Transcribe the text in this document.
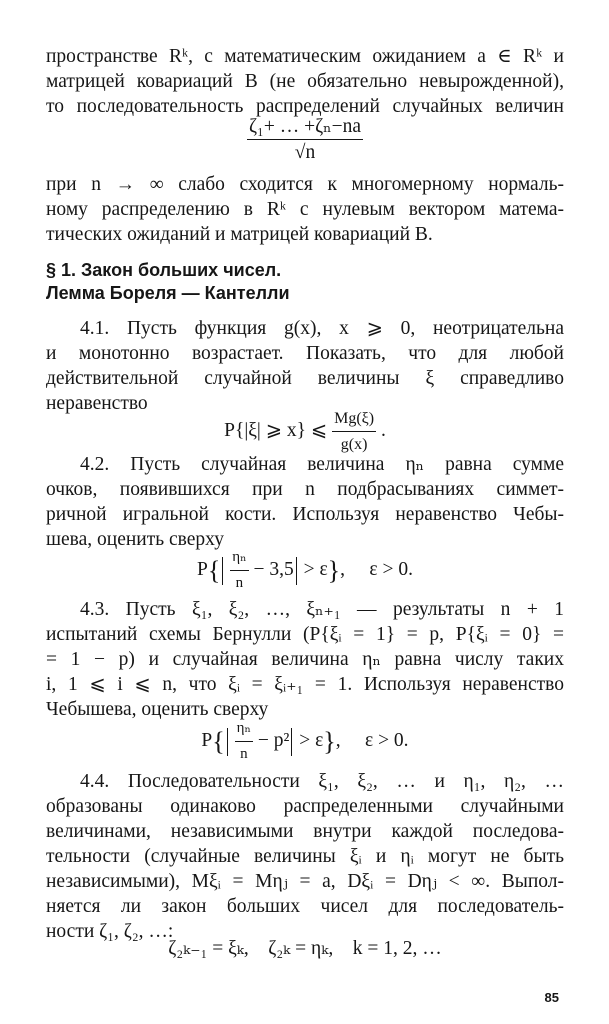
пространстве Rᵏ, с математическим ожиданием a ∈ Rᵏ и
матрицей ковариаций B (не обязательно невырожденной),
то последовательность распределений случайных величин
$\frac{\text{ζ₁+ … +ζₙ−na}}{√n}$
при n → ∞ слабо сходится к многомерному нормаль-
ному распределению в Rᵏ с нулевым вектором матема-
тических ожиданий и матрицей ковариаций B.
§ 1. Закон больших чисел.
Лемма Бореля — Кантелли
4.1. Пусть функция g(x), x ⩾ 0, неотрицательна
и монотонно возрастает. Показать, что для любой
действительной случайной величины ξ справедливо
неравенство
P{|ξ| ⩾ x} ⩽ $\frac{Mg(\xi)}{g(x)}$ .
4.2. Пусть случайная величина ηₙ равна сумме
очков, появившихся при n подбрасываниях симмет-
ричной игральной кости. Используя неравенство Чебы-
шева, оценить сверху
$P\{ \frac{\text{ηₙ}}{n} - 3,5 > \varepsilon\}$,     ε > 0.
4.3. Пусть ξ₁, ξ₂, …, ξₙ₊₁ — результаты n + 1
испытаний схемы Бернулли (P{ξᵢ = 1} = p, P{ξᵢ = 0} =
= 1 − p) и случайная величина ηₙ равна числу таких
i, 1 ⩽ i ⩽ n, что ξᵢ = ξᵢ₊₁ = 1. Используя неравенство
Чебышева, оценить сверху
$P\{ \frac{\text{ηₙ}}{n} - p^2 > \varepsilon\}$,     ε > 0.
4.4. Последовательности ξ₁, ξ₂, … и η₁, η₂, …
образованы одинаково распределенными случайными
величинами, независимыми внутри каждой последова-
тельности (случайные величины ξᵢ и ηᵢ могут не быть
независимыми), Mξᵢ = Mηⱼ = a, Dξᵢ = Dηⱼ < ∞. Выпол-
няется ли закон больших чисел для последователь-
ности ζ₁, ζ₂, …:
ζ₂ₖ₋₁ = ξₖ,    ζ₂ₖ = ηₖ,    k = 1, 2, …
85
